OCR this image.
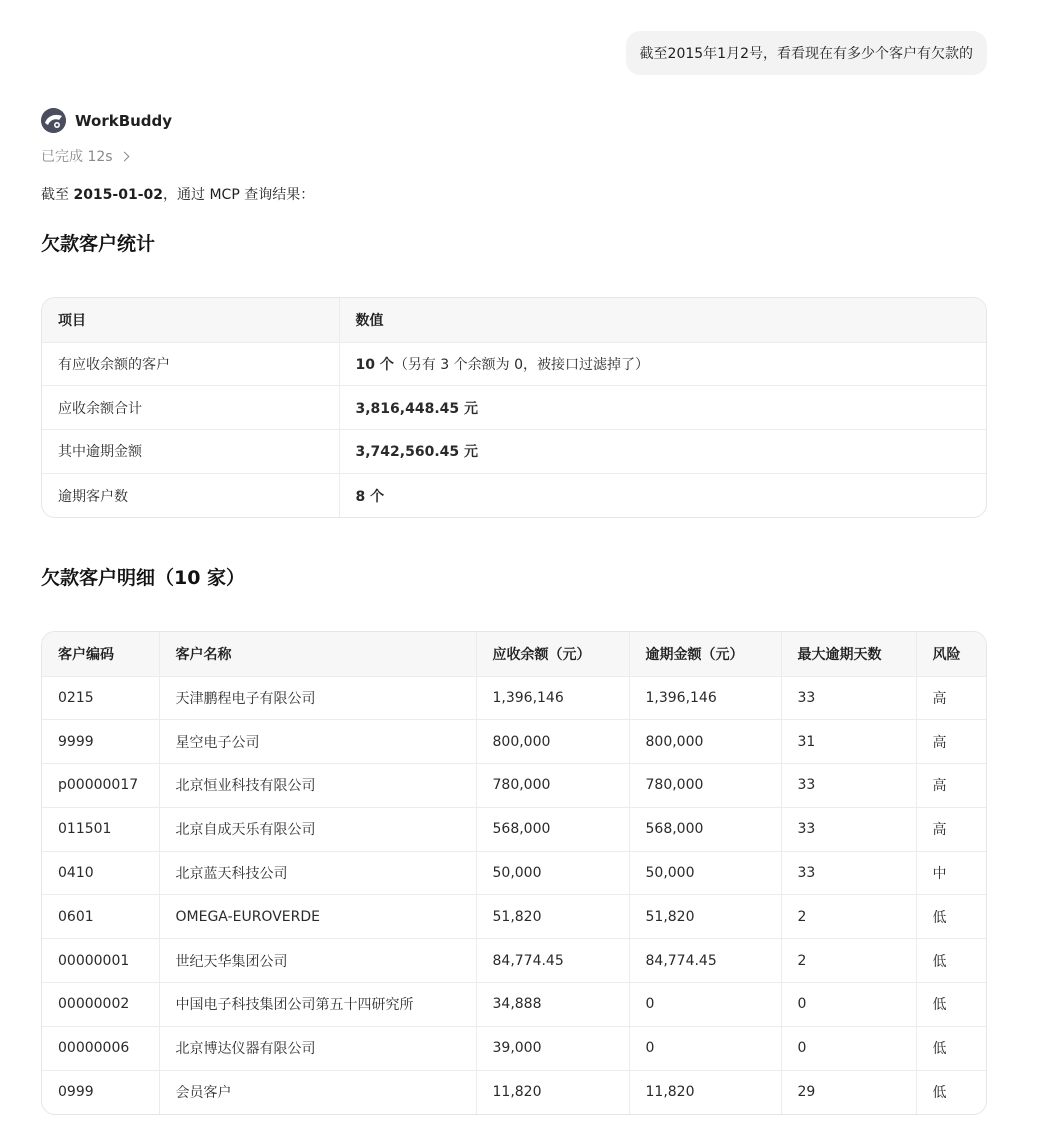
截至2015年1月2号，看看现在有多少个客户有欠款的
WorkBuddy
已完成 12s
截至 2015-01-02，通过 MCP 查询结果：
欠款客户统计
项目	数值
有应收余额的客户	10 个（另有 3 个余额为 0，被接口过滤掉了）
应收余额合计	3,816,448.45 元
其中逾期金额	3,742,560.45 元
逾期客户数	8 个
欠款客户明细（10 家）
客户编码	客户名称	应收余额（元）	逾期金额（元）	最大逾期天数	风险
0215	天津鹏程电子有限公司	1,396,146	1,396,146	33	高
9999	星空电子公司	800,000	800,000	31	高
p00000017	北京恒业科技有限公司	780,000	780,000	33	高
011501	北京自成天乐有限公司	568,000	568,000	33	高
0410	北京蓝天科技公司	50,000	50,000	33	中
0601	OMEGA-EUROVERDE	51,820	51,820	2	低
00000001	世纪天华集团公司	84,774.45	84,774.45	2	低
00000002	中国电子科技集团公司第五十四研究所	34,888	0	0	低
00000006	北京博达仪器有限公司	39,000	0	0	低
0999	会员客户	11,820	11,820	29	低
